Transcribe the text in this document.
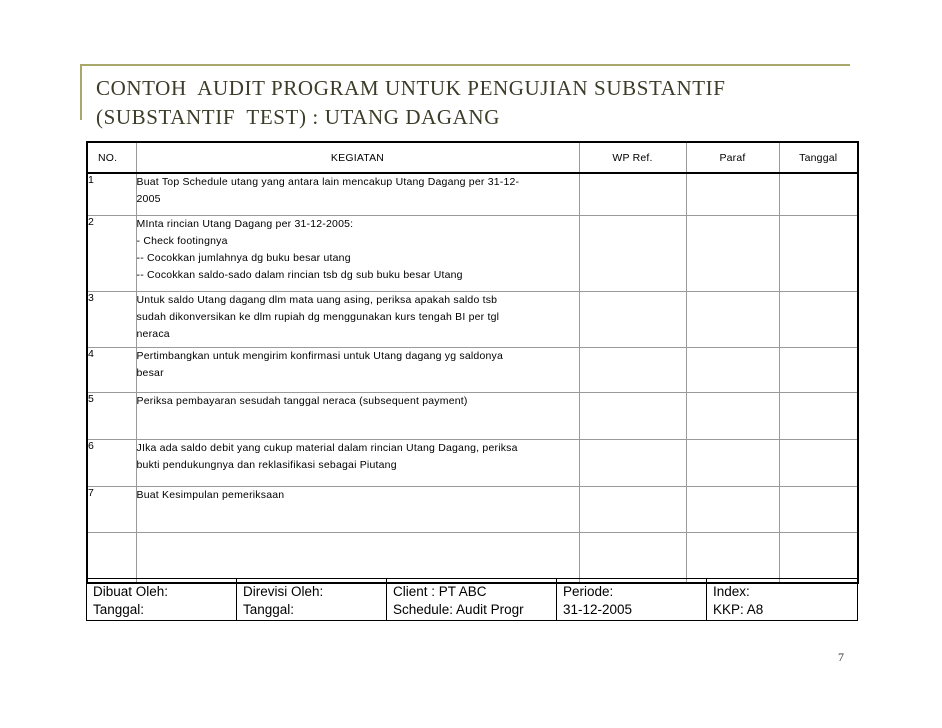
CONTOH  AUDIT PROGRAM UNTUK PENGUJIAN SUBSTANTIF
(SUBSTANTIF  TEST) : UTANG DAGANG
NO.	KEGIATAN	WP Ref.	Paraf	Tanggal
1	Buat Top Schedule utang yang antara lain mencakup Utang Dagang per 31-12-
2005			

2	MInta rincian Utang Dagang per 31-12-2005:
- Check footingnya
-- Cocokkan jumlahnya dg buku besar utang
-- Cocokkan saldo-sado dalam rincian tsb dg sub buku besar Utang			

3	Untuk saldo Utang dagang dlm mata uang asing, periksa apakah saldo tsb
sudah dikonversikan ke dlm rupiah dg menggunakan kurs tengah BI per tgl
neraca			

4	Pertimbangkan untuk mengirim konfirmasi untuk Utang dagang yg saldonya
besar			

5	Periksa pembayaran sesudah tanggal neraca (subsequent payment)			

6	JIka ada saldo debit yang cukup material dalam rincian Utang Dagang, periksa
bukti pendukungnya dan reklasifikasi sebagai Piutang			

7	Buat Kesimpulan pemeriksaan			

Dibuat Oleh:
Tanggal:

Direvisi Oleh:
Tanggal:

Client : PT ABC
Schedule: Audit Progr

Periode:
31-12-2005

Index:
KKP: A8
7
